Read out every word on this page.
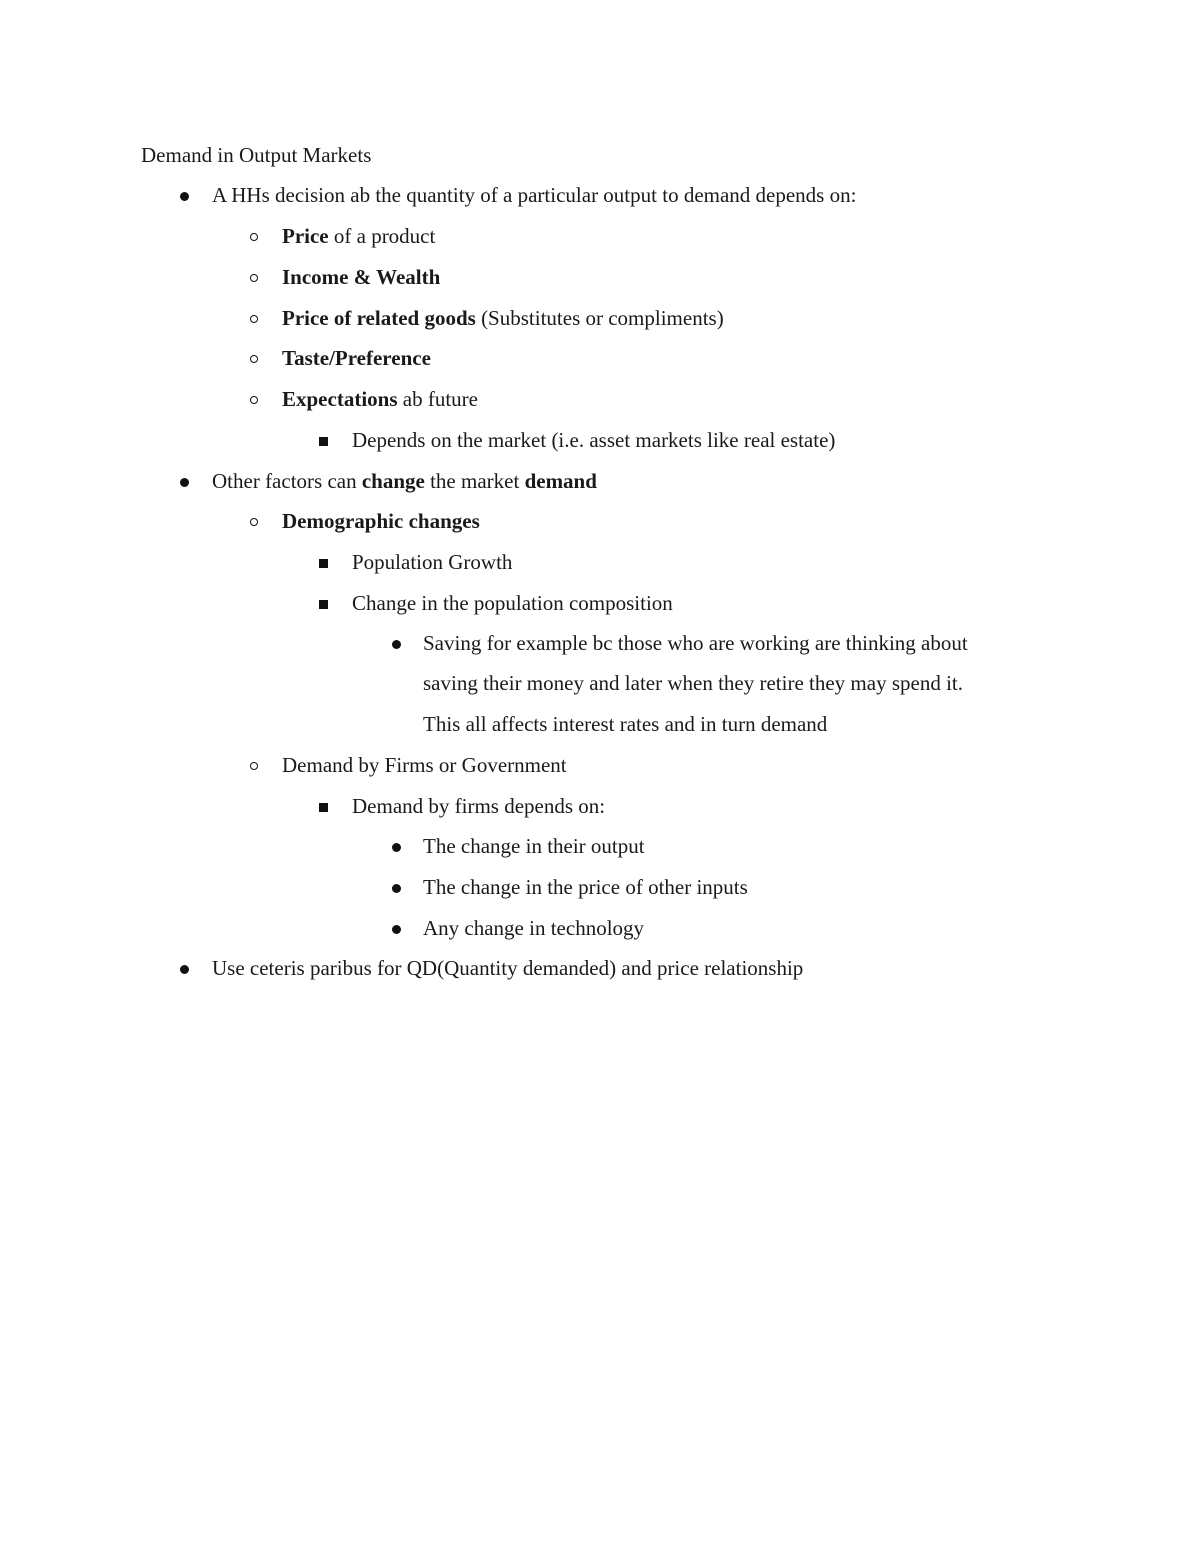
Demand in Output Markets
A HHs decision ab the quantity of a particular output to demand depends on:
Price of a product
Income & Wealth
Price of related goods (Substitutes or compliments)
Taste/Preference
Expectations ab future
Depends on the market (i.e. asset markets like real estate)
Other factors can change the market demand
Demographic changes
Population Growth
Change in the population composition
Saving for example bc those who are working are thinking about
saving their money and later when they retire they may spend it.
This all affects interest rates and in turn demand
Demand by Firms or Government
Demand by firms depends on:
The change in their output
The change in the price of other inputs
Any change in technology
Use ceteris paribus for QD(Quantity demanded) and price relationship
